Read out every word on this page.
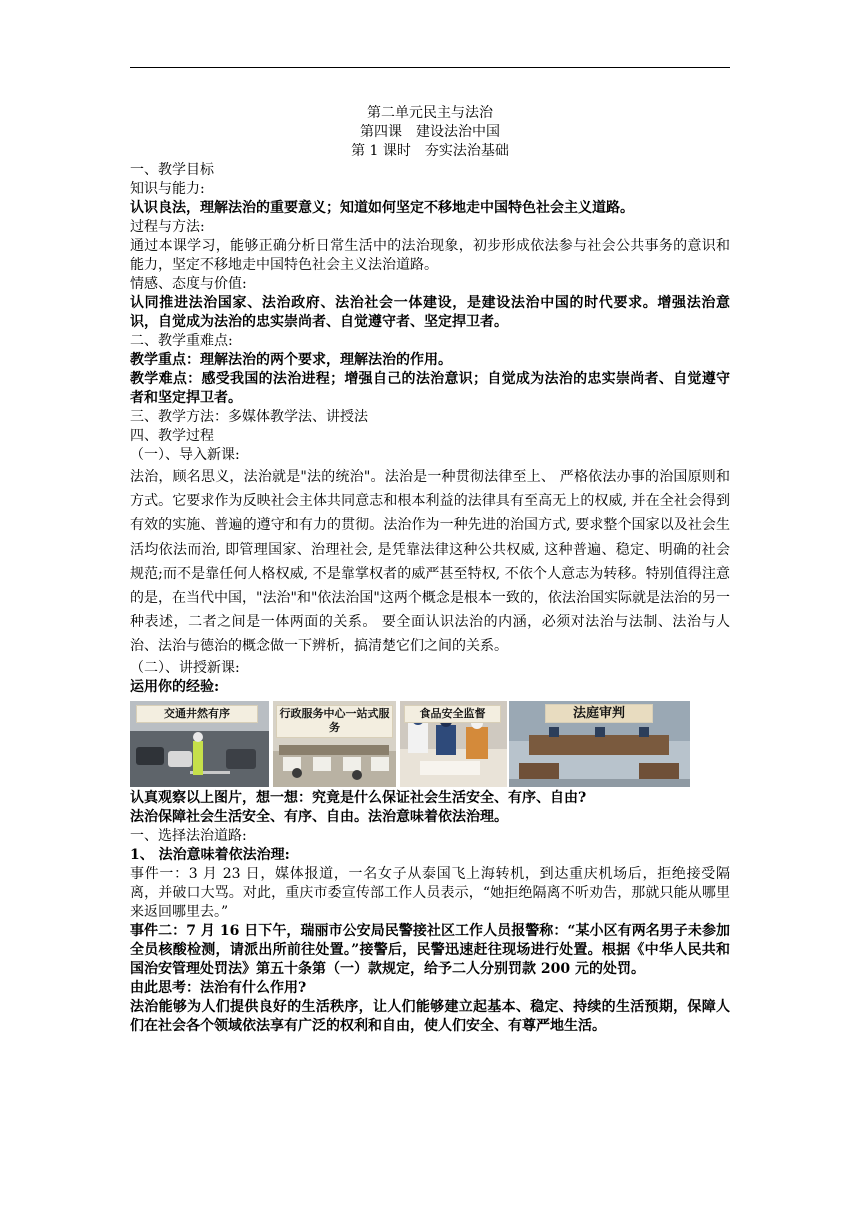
第二单元民主与法治
第四课　建设法治中国
第 1 课时　夯实法治基础

一、教学目标

知识与能力:

认识良法，理解法治的重要意义；知道如何坚定不移地走中国特色社会主义道路。

过程与方法:

通过本课学习，能够正确分析日常生活中的法治现象，初步形成依法参与社会公共事务的意识和能力，坚定不移地走中国特色社会主义法治道路。

情感、态度与价值:

认同推进法治国家、法治政府、法治社会一体建设，是建设法治中国的时代要求。增强法治意识，自觉成为法治的忠实崇尚者、自觉遵守者、坚定捍卫者。

二、教学重难点:

教学重点：理解法治的两个要求，理解法治的作用。

教学难点：感受我国的法治进程；增强自己的法治意识；自觉成为法治的忠实崇尚者、自觉遵守者和坚定捍卫者。

三、教学方法：多媒体教学法、讲授法

四、教学过程

（一）、导入新课:

法治，顾名思义，法治就是"法的统治"。法治是一种贯彻法律至上、 严格依法办事的治国原则和方式。它要求作为反映社会主体共同意志和根本利益的法律具有至高无上的权威, 并在全社会得到有效的实施、普遍的遵守和有力的贯彻。法治作为一种先进的治国方式, 要求整个国家以及社会生活均依法而治, 即管理国家、治理社会, 是凭靠法律这种公共权威, 这种普遍、稳定、明确的社会规范;而不是靠任何人格权威, 不是靠掌权者的威严甚至特权, 不依个人意志为转移。特别值得注意的是，在当代中国，"法治"和"依法治国"这两个概念是根本一致的，依法治国实际就是法治的另一种表述，二者之间是一体两面的关系。 要全面认识法治的内涵，必须对法治与法制、法治与人治、法治与德治的概念做一下辨析，搞清楚它们之间的关系。

（二）、讲授新课:

运用你的经验:

交通井然有序	行政服务中心一站式服务
食品安全监督	法庭审判

认真观察以上图片，想一想：究竟是什么保证社会生活安全、有序、自由?

法治保障社会生活安全、有序、自由。法治意味着依法治理。

一、选择法治道路:

1、 法治意味着依法治理:

事件一：3 月 23 日，媒体报道，一名女子从泰国飞上海转机，到达重庆机场后，拒绝接受隔离，并破口大骂。对此，重庆市委宣传部工作人员表示，“她拒绝隔离不听劝告，那就只能从哪里来返回哪里去。”

事件二：7 月 16 日下午，瑞丽市公安局民警接社区工作人员报警称：“某小区有两名男子未参加全员核酸检测，请派出所前往处置。”接警后，民警迅速赶往现场进行处置。根据《中华人民共和国治安管理处罚法》第五十条第（一）款规定，给予二人分别罚款 200 元的处罚。

由此思考：法治有什么作用?

法治能够为人们提供良好的生活秩序，让人们能够建立起基本、稳定、持续的生活预期，保障人们在社会各个领域依法享有广泛的权利和自由，使人们安全、有尊严地生活。
